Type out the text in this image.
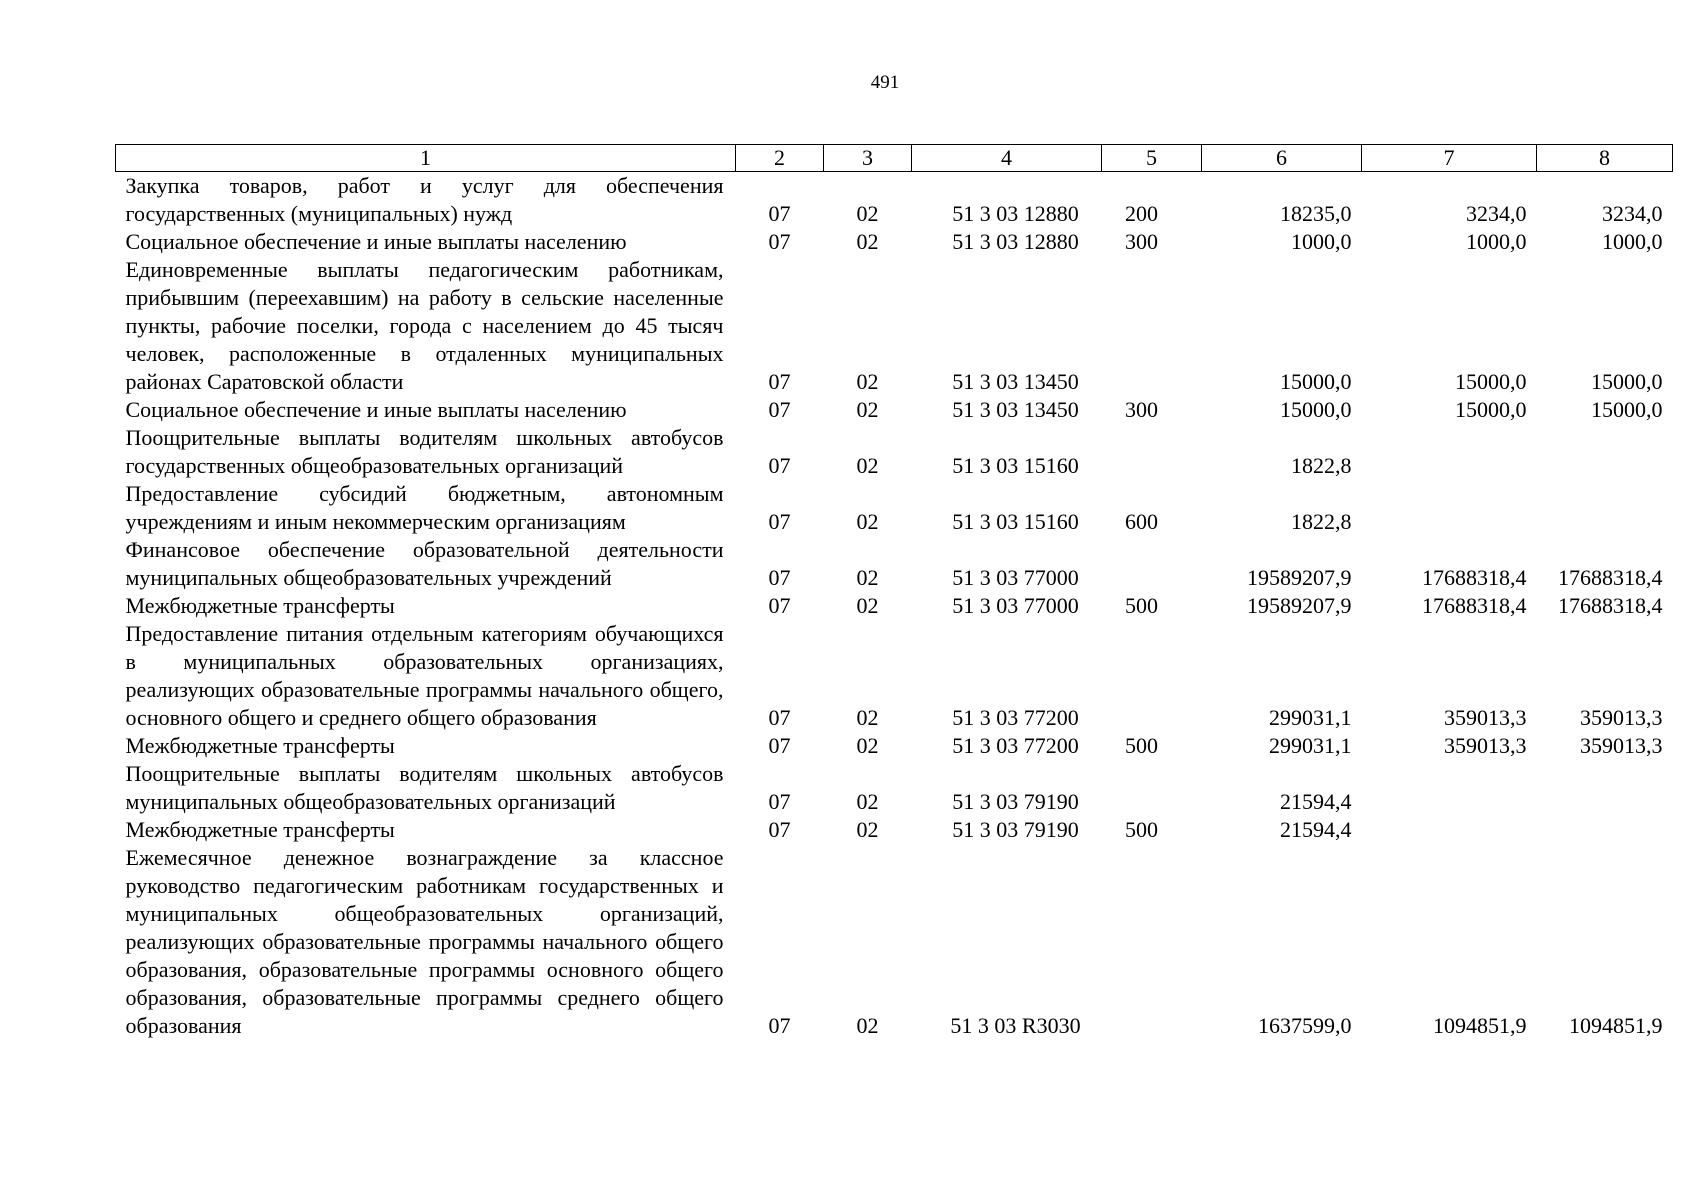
491
1	2	3	4	5	6	7	8
Закупка товаров, работ и услуг для обеспечения государственных (муниципальных) нужд	07	02	51 3 03 12880	200	18235,0	3234,0	3234,0
Социальное обеспечение и иные выплаты населению	07	02	51 3 03 12880	300	1000,0	1000,0	1000,0
Единовременные выплаты педагогическим работникам, прибывшим (переехавшим) на работу в сельские населенные пункты, рабочие поселки, города с населением до 45 тысяч человек, расположенные в отдаленных муниципальных районах Саратовской области	07	02	51 3 03 13450		15000,0	15000,0	15000,0
Социальное обеспечение и иные выплаты населению	07	02	51 3 03 13450	300	15000,0	15000,0	15000,0
Поощрительные выплаты водителям школьных автобусов государственных общеобразовательных организаций	07	02	51 3 03 15160		1822,8		
Предоставление субсидий бюджетным, автономным учреждениям и иным некоммерческим организациям	07	02	51 3 03 15160	600	1822,8		
Финансовое обеспечение образовательной деятельности муниципальных общеобразовательных учреждений	07	02	51 3 03 77000		19589207,9	17688318,4	17688318,4
Межбюджетные трансферты	07	02	51 3 03 77000	500	19589207,9	17688318,4	17688318,4
Предоставление питания отдельным категориям обучающихся в муниципальных образовательных организациях, реализующих образовательные программы начального общего, основного общего и среднего общего образования	07	02	51 3 03 77200		299031,1	359013,3	359013,3
Межбюджетные трансферты	07	02	51 3 03 77200	500	299031,1	359013,3	359013,3
Поощрительные выплаты водителям школьных автобусов муниципальных общеобразовательных организаций	07	02	51 3 03 79190		21594,4		
Межбюджетные трансферты	07	02	51 3 03 79190	500	21594,4		
Ежемесячное денежное вознаграждение за классное руководство педагогическим работникам государственных и муниципальных общеобразовательных организаций, реализующих образовательные программы начального общего образования, образовательные программы основного общего образования, образовательные программы среднего общего образования	07	02	51 3 03 R3030		1637599,0	1094851,9	1094851,9
